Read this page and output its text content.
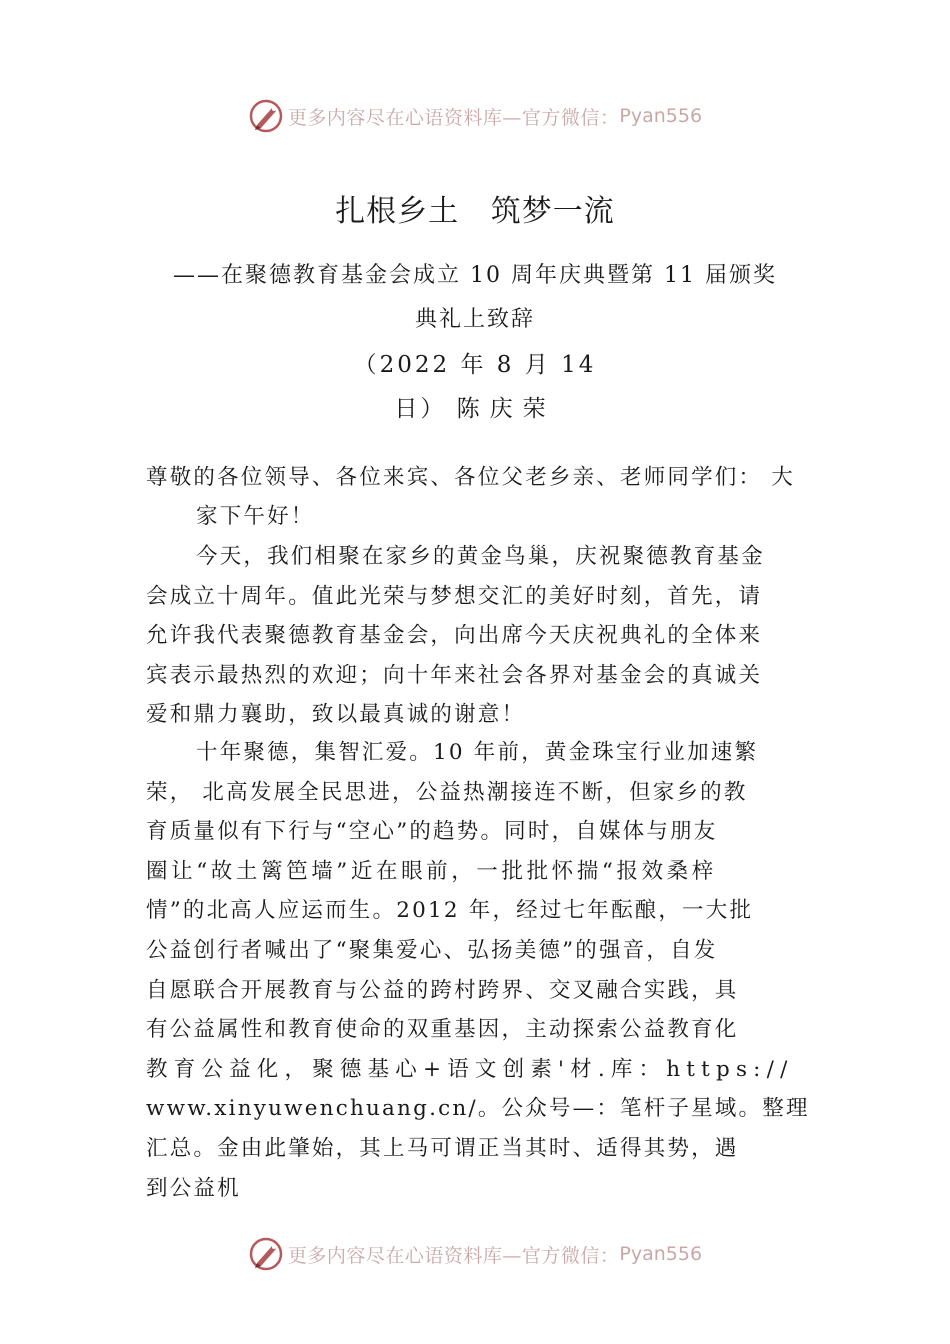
更多内容尽在心语资料库—官方微信： Pyan556
扎根乡土   筑梦一流
——在聚德教育基金会成立 10 周年庆典暨第 11 届颁奖
典礼上致辞
（2022 年 8 月 14
日） 陈庆荣
尊敬的各位领导、各位来宾、各位父老乡亲、老师同学们： 大
家下午好！
今天，我们相聚在家乡的黄金鸟巢，庆祝聚德教育基金
会成立十周年。值此光荣与梦想交汇的美好时刻，首先，请
允许我代表聚德教育基金会，向出席今天庆祝典礼的全体来
宾表示最热烈的欢迎；向十年来社会各界对基金会的真诚关
爱和鼎力襄助，致以最真诚的谢意！
十年聚德，集智汇爱。10 年前，黄金珠宝行业加速繁
荣， 北高发展全民思进，公益热潮接连不断，但家乡的教
育质量似有下行与“空心”的趋势。同时，自媒体与朋友
圈让“故土篱笆墙”近在眼前，一批批怀揣“报效桑梓
情”的北高人应运而生。2012 年，经过七年酝酿，一大批
公益创行者喊出了“聚集爱心、弘扬美德”的强音，自发
自愿联合开展教育与公益的跨村跨界、交叉融合实践，具
有公益属性和教育使命的双重基因，主动探索公益教育化
教育公益化，聚德基心+语文创素'材.库：https://
www.xinyuwenchuang.cn/。公众号—：笔杆子星域。整理
汇总。金由此肇始，其上马可谓正当其时、适得其势，遇
到公益机
更多内容尽在心语资料库—官方微信： Pyan556
